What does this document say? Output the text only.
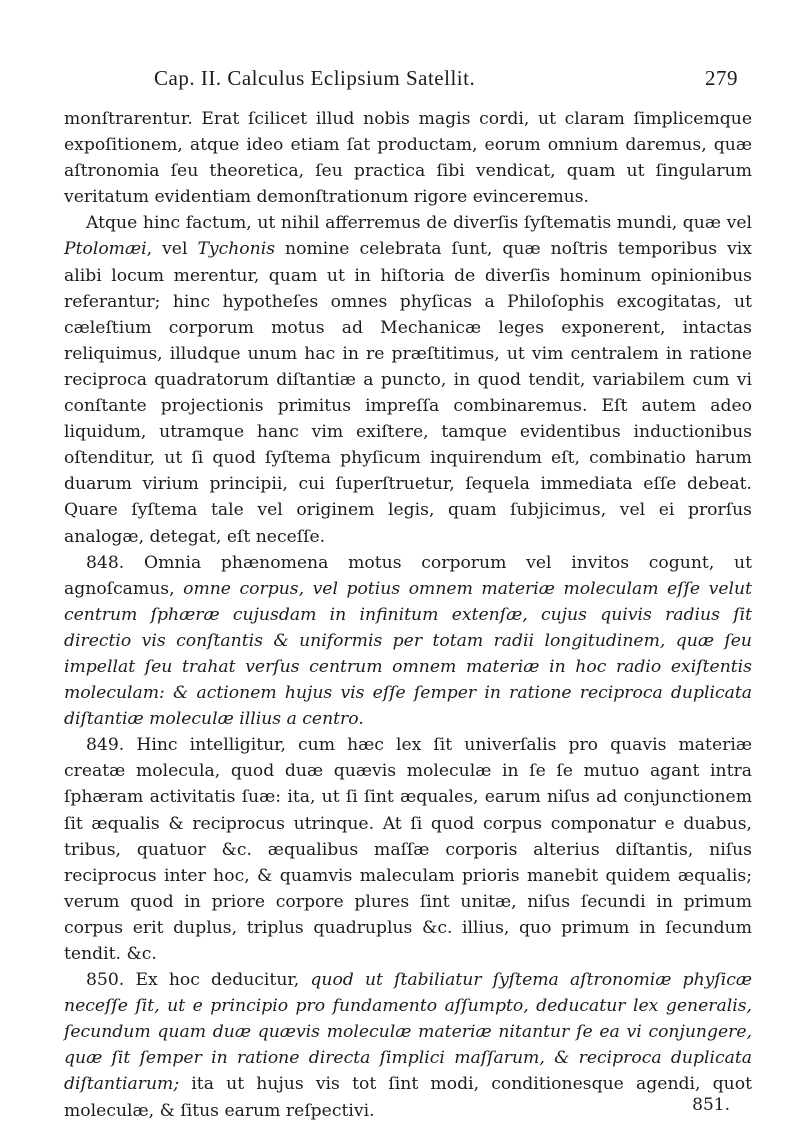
Cap. II. Calculus Eclipsium Satellit.	279

monſtrarentur. Erat ſcilicet illud nobis magis cordi, ut claram ſimplicemque expoſitionem, atque ideo etiam ſat productam, eorum omnium daremus, quæ aſtronomia ſeu theoretica, ſeu practica ſibi vendicat, quam ut ſingularum veritatum evidentiam demonſtrationum rigore evinceremus.

Atque hinc factum, ut nihil afferremus de diverſis ſyſtematis mundi, quæ vel Ptolomæi, vel Tychonis nomine celebrata ſunt, quæ noſtris temporibus vix alibi locum merentur, quam ut in hiſtoria de diverſis hominum opinionibus referantur; hinc hypotheſes omnes phyſicas a Philoſophis excogitatas, ut cæleſtium corporum motus ad Mechanicæ leges exponerent, intactas reliquimus, illudque unum hac in re præſtitimus, ut vim centralem in ratione reciproca quadratorum diſtantiæ a puncto, in quod tendit, variabilem cum vi conſtante projectionis primitus impreſſa combinaremus. Eſt autem adeo liquidum, utramque hanc vim exiſtere, tamque evidentibus inductionibus oſtenditur, ut ſi quod ſyſtema phyſicum inquirendum eſt, combinatio harum duarum virium principii, cui ſuperſtruetur, ſequela immediata eſſe debeat. Quare ſyſtema tale vel originem legis, quam ſubjicimus, vel ei prorſus analogæ, detegat, eſt neceſſe.

848. Omnia phænomena motus corporum vel invitos cogunt, ut agnoſcamus, omne corpus, vel potius omnem materiæ moleculam eſſe velut centrum ſphæræ cujusdam in infinitum extenſæ, cujus quivis radius ſit directio vis conſtantis & uniformis per totam radii longitudinem, quæ ſeu impellat ſeu trahat verſus centrum omnem materiæ in hoc radio exiſtentis moleculam: & actionem hujus vis eſſe ſemper in ratione reciproca duplicata diſtantiæ moleculæ illius a centro.

849. Hinc intelligitur, cum hæc lex ſit univerſalis pro quavis materiæ creatæ molecula, quod duæ quævis moleculæ in ſe ſe mutuo agant intra ſphæram activitatis ſuæ: ita, ut ſi ſint æquales, earum niſus ad conjunctionem ſit æqualis & reciprocus utrinque. At ſi quod corpus componatur e duabus, tribus, quatuor &c. æqualibus maſſæ corporis alterius diſtantis, niſus reciprocus inter hoc, & quamvis maleculam prioris manebit quidem æqualis; verum quod in priore corpore plures ſint unitæ, niſus ſecundi in primum corpus erit duplus, triplus quadruplus &c. illius, quo primum in ſecundum tendit. &c.

850. Ex hoc deducitur, quod ut ſtabiliatur ſyſtema aſtronomiæ phyſicæ neceſſe ſit, ut e principio pro fundamento aſſumpto, deducatur lex generalis, ſecundum quam duæ quævis moleculæ materiæ nitantur ſe ea vi conjungere, quæ ſit ſemper in ratione directa ſimplici maſſarum, & reciproca duplicata diſtantiarum; ita ut hujus vis tot ſint modi, conditionesque agendi, quot moleculæ, & ſitus earum reſpectivi.	851.
